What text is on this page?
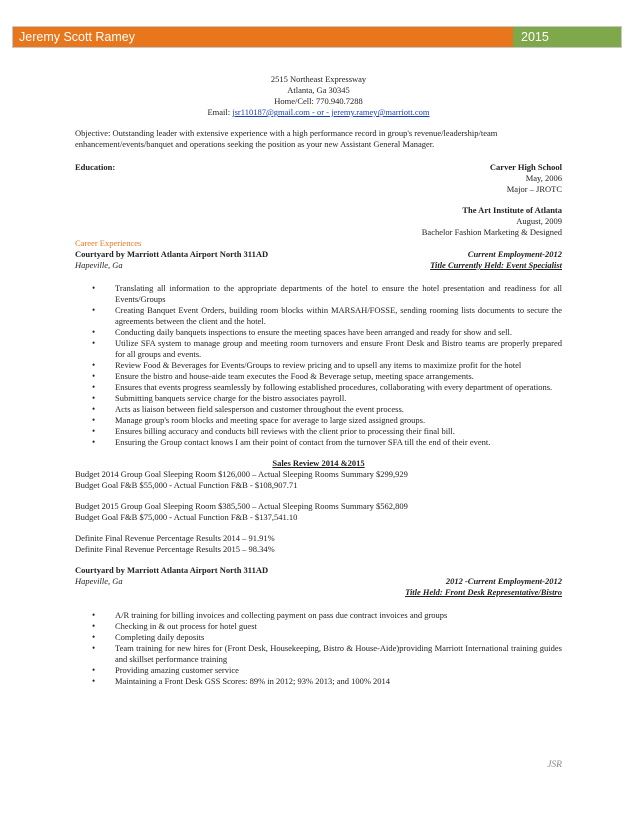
Jeremy Scott Ramey	2015

2515 Northeast Expressway

Atlanta, Ga 30345

Home/Cell: 770.940.7288

Email: jsr110187@gmail.com - or - jeremy.ramey@marriott.com

Objective: Outstanding leader with extensive experience with a high performance record in group's revenue/leadership/team enhancement/events/banquet and operations seeking the position as your new Assistant General Manager.

Education:	Carver High School

May, 2006

Major – JROTC

The Art Institute of Atlanta

August, 2009

Bachelor Fashion Marketing & Designed

Career Experiences

Courtyard by Marriott Atlanta Airport North 311AD	Current Employment-2012
Hapeville, Ga	Title Currently Held: Event Specialist
• Translating all information to the appropriate departments of the hotel to ensure the hotel presentation and readiness for all Events/Groups
• Creating Banquet Event Orders, building room blocks within MARSAH/FOSSE, sending rooming lists documents to secure the agreements between the client and the hotel.
• Conducting daily banquets inspections to ensure the meeting spaces have been arranged and ready for show and sell.
• Utilize SFA system to manage group and meeting room turnovers and ensure Front Desk and Bistro teams are properly prepared for all groups and events.
• Review Food & Beverages for Events/Groups to review pricing and to upsell any items to maximize profit for the hotel
• Ensure the bistro and house-aide team executes the Food & Beverage setup, meeting space arrangements.
• Ensures that events progress seamlessly by following established procedures, collaborating with every department of operations.
• Submitting banquets service charge for the bistro associates payroll.
• Acts as liaison between field salesperson and customer throughout the event process.
• Manage group's room blocks and meeting space for average to large sized assigned groups.
• Ensures billing accuracy and conducts bill reviews with the client prior to processing their final bill.
• Ensuring the Group contact knows I am their point of contact from the turnover SFA till the end of their event.

Sales Review 2014 &2015

Budget 2014 Group Goal Sleeping Room $126,000 – Actual Sleeping Rooms Summary $299,929

Budget Goal F&B $55,000 - Actual Function F&B - $108,907.71

Budget 2015 Group Goal Sleeping Room $385,500 – Actual Sleeping Rooms Summary $562,809

Budget Goal F&B $75,000 - Actual Function F&B - $137,541.10

Definite Final Revenue Percentage Results 2014 – 91.91%

Definite Final Revenue Percentage Results 2015 – 98.34%

Courtyard by Marriott Atlanta Airport North 311AD

Hapeville, Ga	2012 -Current Employment-2012

Title Held: Front Desk Representative/Bistro

• A/R training for billing invoices and collecting payment on pass due contract invoices and groups
• Checking in & out process for hotel guest
• Completing daily deposits
• Team training for new hires for (Front Desk, Housekeeping, Bistro & House-Aide)providing Marriott International training guides and skillset performance training
• Providing amazing customer service
• Maintaining a Front Desk GSS Scores: 89% in 2012; 93% 2013; and 100% 2014
JSR
